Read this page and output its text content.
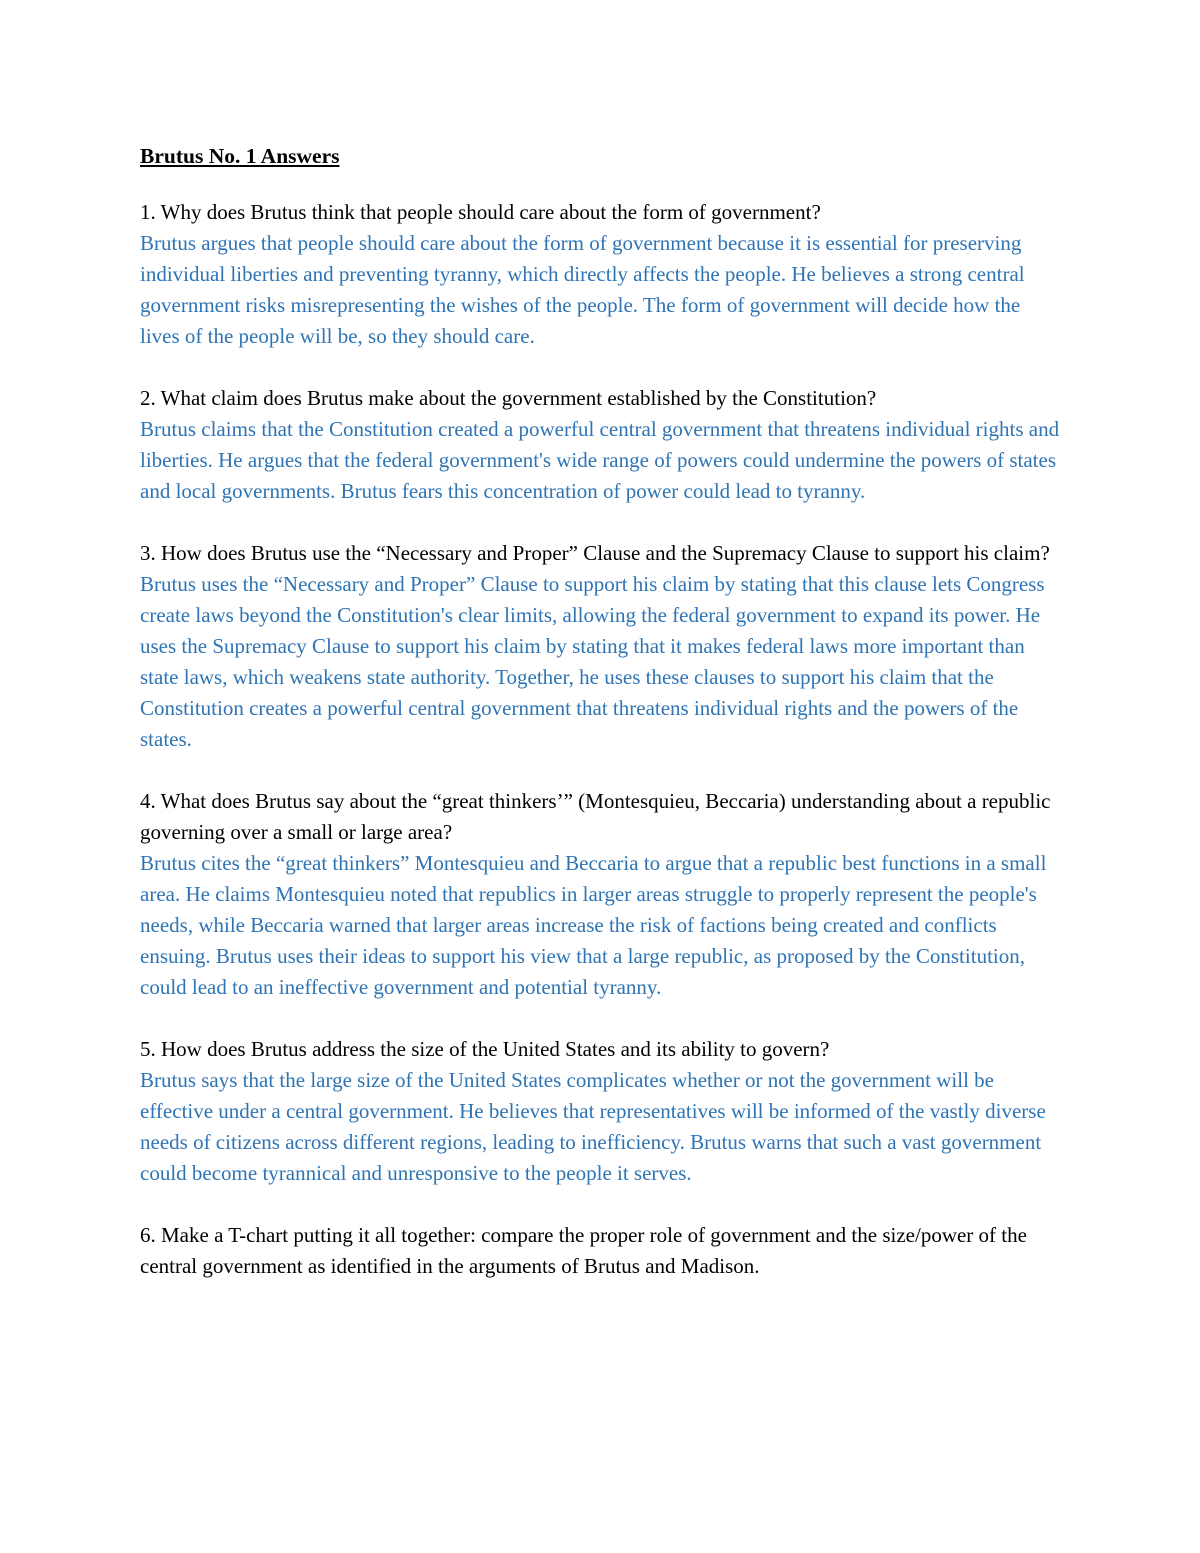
Brutus No. 1 Answers

1. Why does Brutus think that people should care about the form of government?

Brutus argues that people should care about the form of government because it is essential for preserving individual liberties and preventing tyranny, which directly affects the people. He believes a strong central government risks misrepresenting the wishes of the people. The form of government will decide how the lives of the people will be, so they should care.

2. What claim does Brutus make about the government established by the Constitution?

Brutus claims that the Constitution created a powerful central government that threatens individual rights and liberties. He argues that the federal government's wide range of powers could undermine the powers of states and local governments. Brutus fears this concentration of power could lead to tyranny.

3. How does Brutus use the “Necessary and Proper” Clause and the Supremacy Clause to support his claim?

Brutus uses the “Necessary and Proper” Clause to support his claim by stating that this clause lets Congress create laws beyond the Constitution's clear limits, allowing the federal government to expand its power. He uses the Supremacy Clause to support his claim by stating that it makes federal laws more important than state laws, which weakens state authority. Together, he uses these clauses to support his claim that the Constitution creates a powerful central government that threatens individual rights and the powers of the states.

4. What does Brutus say about the “great thinkers’” (Montesquieu, Beccaria) understanding about a republic governing over a small or large area?

Brutus cites the “great thinkers” Montesquieu and Beccaria to argue that a republic best functions in a small area. He claims Montesquieu noted that republics in larger areas struggle to properly represent the people's needs, while Beccaria warned that larger areas increase the risk of factions being created and conflicts ensuing. Brutus uses their ideas to support his view that a large republic, as proposed by the Constitution, could lead to an ineffective government and potential tyranny.

5. How does Brutus address the size of the United States and its ability to govern?

Brutus says that the large size of the United States complicates whether or not the government will be effective under a central government. He believes that representatives will be informed of the vastly diverse needs of citizens across different regions, leading to inefficiency. Brutus warns that such a vast government could become tyrannical and unresponsive to the people it serves.

6. Make a T-chart putting it all together: compare the proper role of government and the size/power of the central government as identified in the arguments of Brutus and Madison.
